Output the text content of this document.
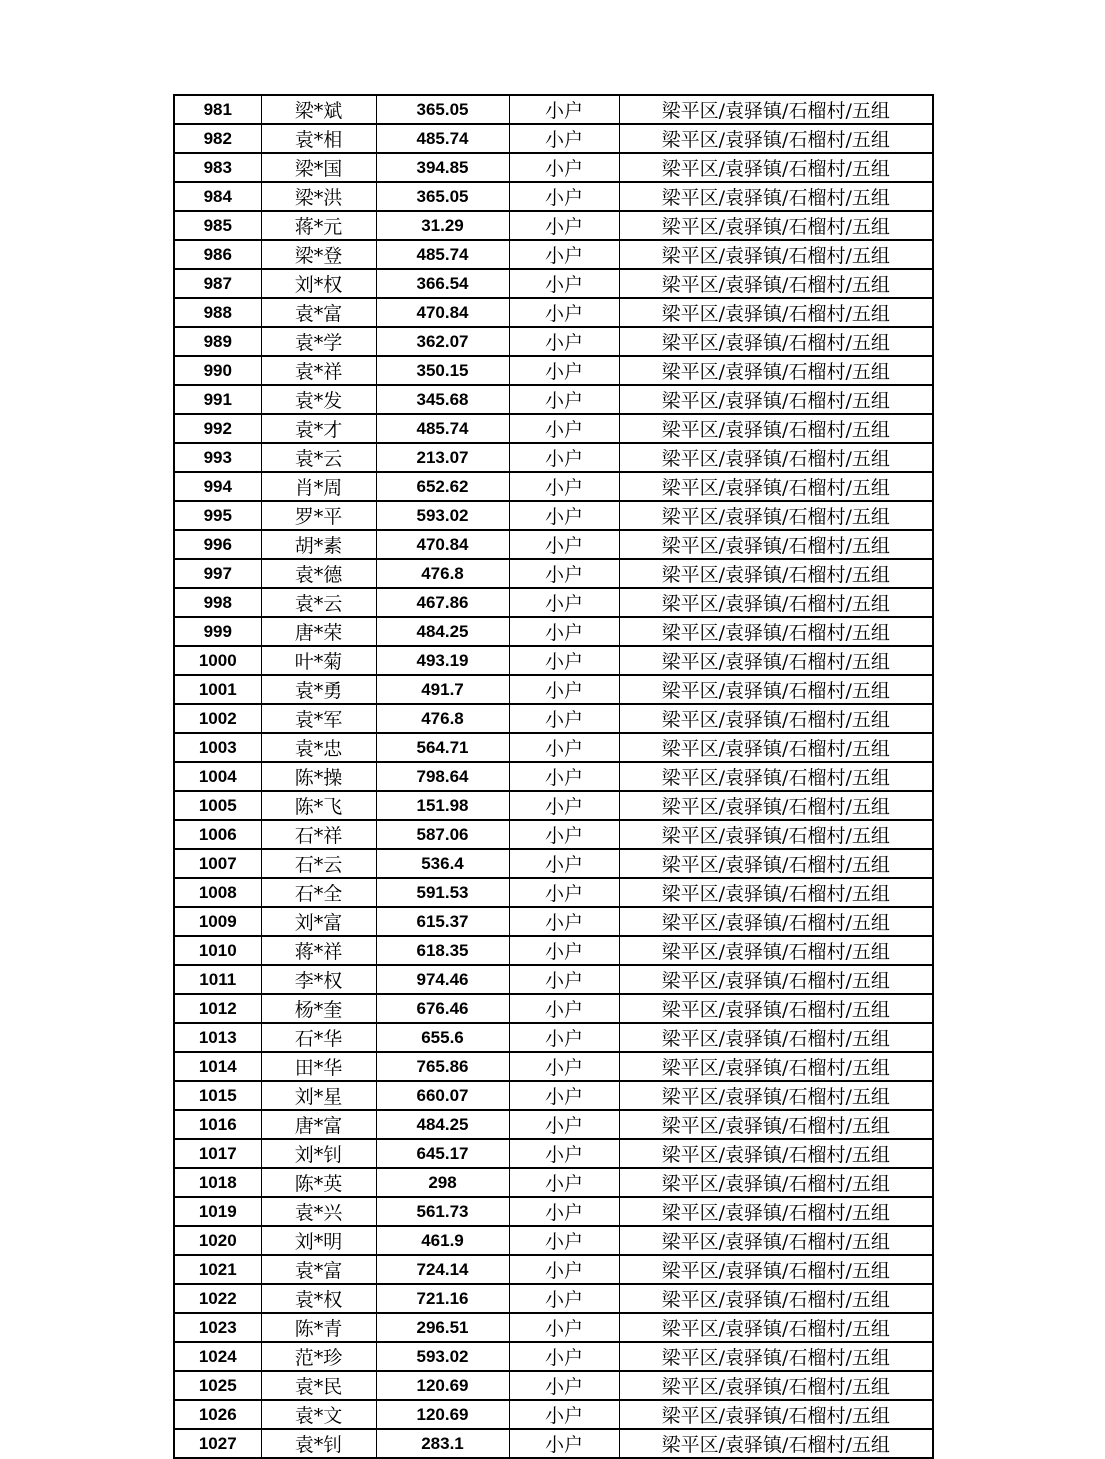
981	梁*斌	365.05	小户	梁平区/袁驿镇/石榴村/五组
982	袁*相	485.74	小户	梁平区/袁驿镇/石榴村/五组
983	梁*国	394.85	小户	梁平区/袁驿镇/石榴村/五组
984	梁*洪	365.05	小户	梁平区/袁驿镇/石榴村/五组
985	蒋*元	31.29	小户	梁平区/袁驿镇/石榴村/五组
986	梁*登	485.74	小户	梁平区/袁驿镇/石榴村/五组
987	刘*权	366.54	小户	梁平区/袁驿镇/石榴村/五组
988	袁*富	470.84	小户	梁平区/袁驿镇/石榴村/五组
989	袁*学	362.07	小户	梁平区/袁驿镇/石榴村/五组
990	袁*祥	350.15	小户	梁平区/袁驿镇/石榴村/五组
991	袁*发	345.68	小户	梁平区/袁驿镇/石榴村/五组
992	袁*才	485.74	小户	梁平区/袁驿镇/石榴村/五组
993	袁*云	213.07	小户	梁平区/袁驿镇/石榴村/五组
994	肖*周	652.62	小户	梁平区/袁驿镇/石榴村/五组
995	罗*平	593.02	小户	梁平区/袁驿镇/石榴村/五组
996	胡*素	470.84	小户	梁平区/袁驿镇/石榴村/五组
997	袁*德	476.8	小户	梁平区/袁驿镇/石榴村/五组
998	袁*云	467.86	小户	梁平区/袁驿镇/石榴村/五组
999	唐*荣	484.25	小户	梁平区/袁驿镇/石榴村/五组
1000	叶*菊	493.19	小户	梁平区/袁驿镇/石榴村/五组
1001	袁*勇	491.7	小户	梁平区/袁驿镇/石榴村/五组
1002	袁*军	476.8	小户	梁平区/袁驿镇/石榴村/五组
1003	袁*忠	564.71	小户	梁平区/袁驿镇/石榴村/五组
1004	陈*操	798.64	小户	梁平区/袁驿镇/石榴村/五组
1005	陈*飞	151.98	小户	梁平区/袁驿镇/石榴村/五组
1006	石*祥	587.06	小户	梁平区/袁驿镇/石榴村/五组
1007	石*云	536.4	小户	梁平区/袁驿镇/石榴村/五组
1008	石*全	591.53	小户	梁平区/袁驿镇/石榴村/五组
1009	刘*富	615.37	小户	梁平区/袁驿镇/石榴村/五组
1010	蒋*祥	618.35	小户	梁平区/袁驿镇/石榴村/五组
1011	李*权	974.46	小户	梁平区/袁驿镇/石榴村/五组
1012	杨*奎	676.46	小户	梁平区/袁驿镇/石榴村/五组
1013	石*华	655.6	小户	梁平区/袁驿镇/石榴村/五组
1014	田*华	765.86	小户	梁平区/袁驿镇/石榴村/五组
1015	刘*星	660.07	小户	梁平区/袁驿镇/石榴村/五组
1016	唐*富	484.25	小户	梁平区/袁驿镇/石榴村/五组
1017	刘*钊	645.17	小户	梁平区/袁驿镇/石榴村/五组
1018	陈*英	298	小户	梁平区/袁驿镇/石榴村/五组
1019	袁*兴	561.73	小户	梁平区/袁驿镇/石榴村/五组
1020	刘*明	461.9	小户	梁平区/袁驿镇/石榴村/五组
1021	袁*富	724.14	小户	梁平区/袁驿镇/石榴村/五组
1022	袁*权	721.16	小户	梁平区/袁驿镇/石榴村/五组
1023	陈*青	296.51	小户	梁平区/袁驿镇/石榴村/五组
1024	范*珍	593.02	小户	梁平区/袁驿镇/石榴村/五组
1025	袁*民	120.69	小户	梁平区/袁驿镇/石榴村/五组
1026	袁*文	120.69	小户	梁平区/袁驿镇/石榴村/五组
1027	袁*钊	283.1	小户	梁平区/袁驿镇/石榴村/五组
